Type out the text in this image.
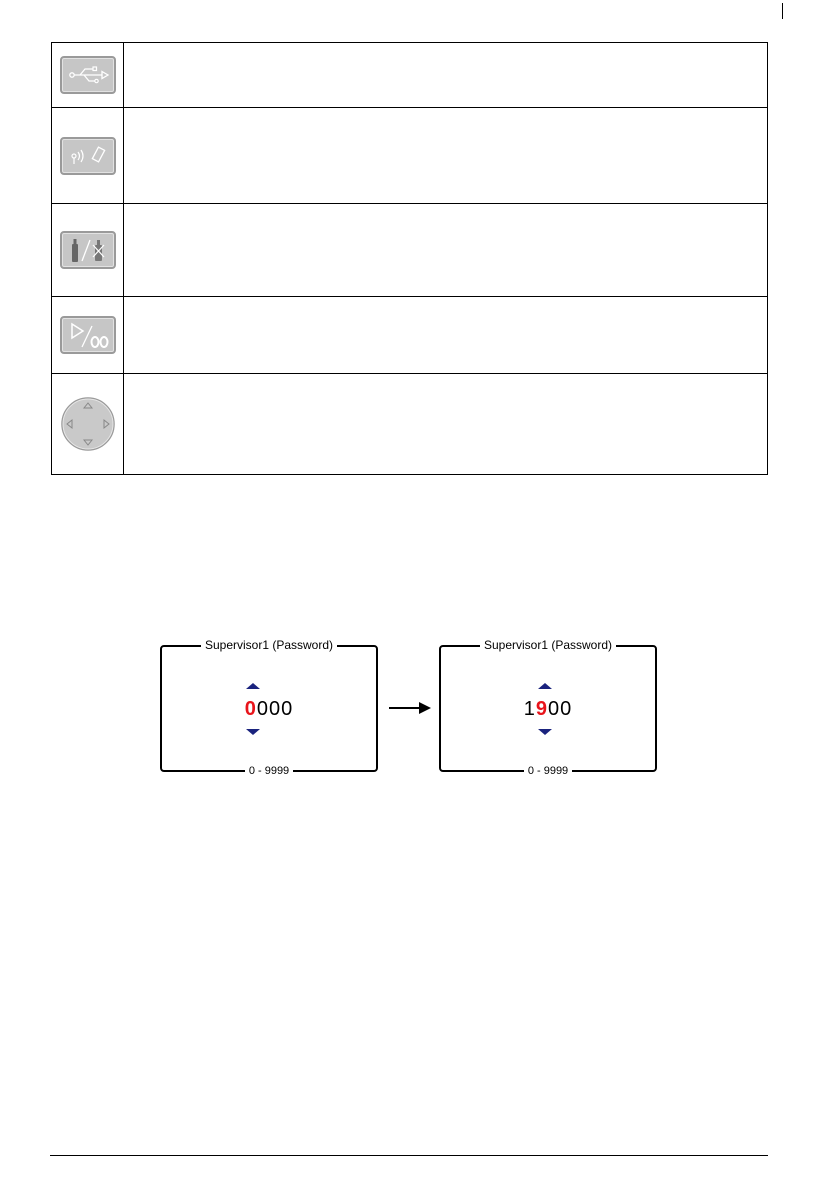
Supervisor1 (Password)
0000
0 - 9999
Supervisor1 (Password)
1900
0 - 9999
